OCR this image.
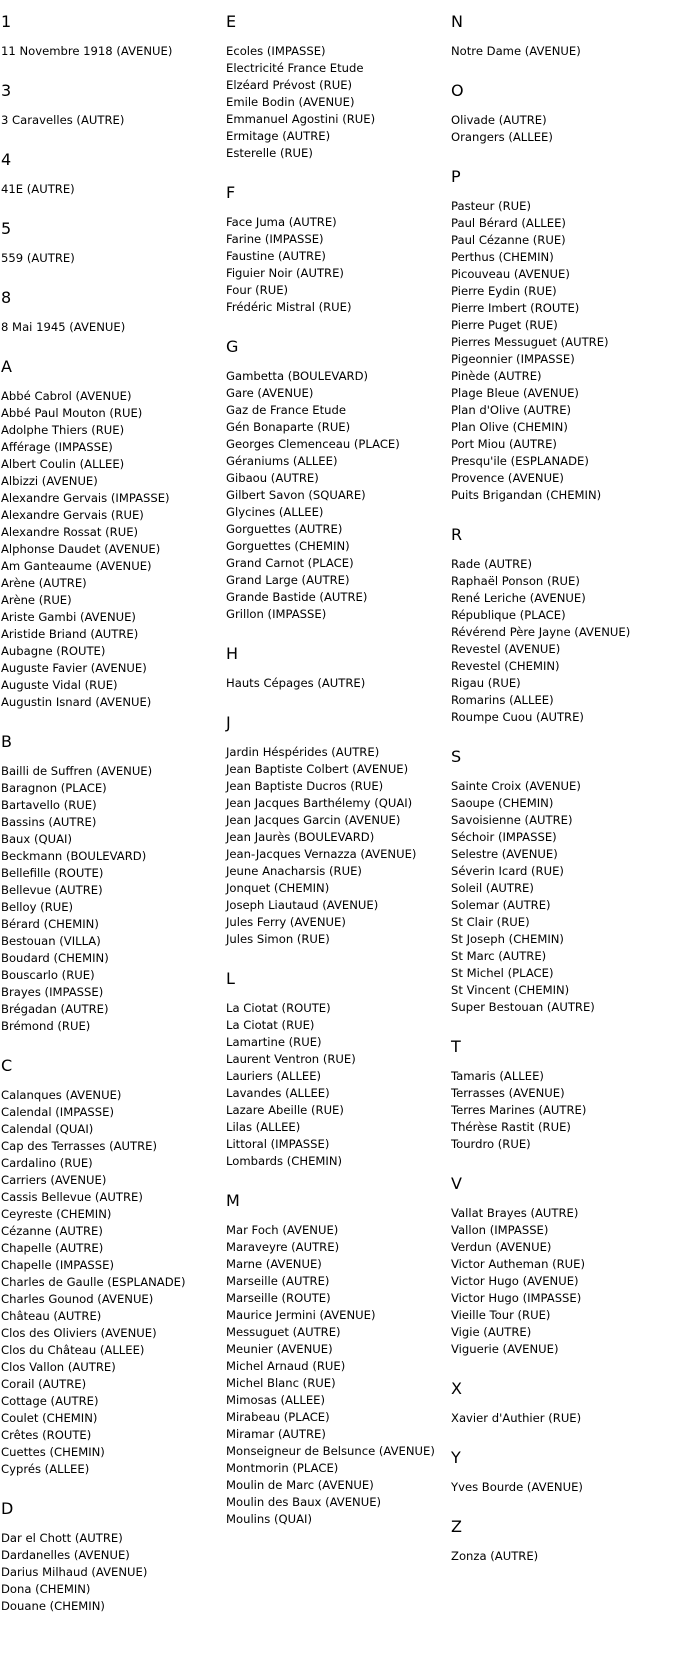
1
11 Novembre 1918 (AVENUE)
3
3 Caravelles (AUTRE)
4
41E (AUTRE)
5
559 (AUTRE)
8
8 Mai 1945 (AVENUE)
A
Abbé Cabrol (AVENUE)
Abbé Paul Mouton (RUE)
Adolphe Thiers (RUE)
Afférage (IMPASSE)
Albert Coulin (ALLEE)
Albizzi (AVENUE)
Alexandre Gervais (IMPASSE)
Alexandre Gervais (RUE)
Alexandre Rossat (RUE)
Alphonse Daudet (AVENUE)
Am Ganteaume (AVENUE)
Arène (AUTRE)
Arène (RUE)
Ariste Gambi (AVENUE)
Aristide Briand (AUTRE)
Aubagne (ROUTE)
Auguste Favier (AVENUE)
Auguste Vidal (RUE)
Augustin Isnard (AVENUE)
B
Bailli de Suffren (AVENUE)
Baragnon (PLACE)
Bartavello (RUE)
Bassins (AUTRE)
Baux (QUAI)
Beckmann (BOULEVARD)
Bellefille (ROUTE)
Bellevue (AUTRE)
Belloy (RUE)
Bérard (CHEMIN)
Bestouan (VILLA)
Boudard (CHEMIN)
Bouscarlo (RUE)
Brayes (IMPASSE)
Brégadan (AUTRE)
Brémond (RUE)
C
Calanques (AVENUE)
Calendal (IMPASSE)
Calendal (QUAI)
Cap des Terrasses (AUTRE)
Cardalino (RUE)
Carriers (AVENUE)
Cassis Bellevue (AUTRE)
Ceyreste (CHEMIN)
Cézanne (AUTRE)
Chapelle (AUTRE)
Chapelle (IMPASSE)
Charles de Gaulle (ESPLANADE)
Charles Gounod (AVENUE)
Château (AUTRE)
Clos des Oliviers (AVENUE)
Clos du Château (ALLEE)
Clos Vallon (AUTRE)
Corail (AUTRE)
Cottage (AUTRE)
Coulet (CHEMIN)
Crêtes (ROUTE)
Cuettes (CHEMIN)
Cyprés (ALLEE)
D
Dar el Chott (AUTRE)
Dardanelles (AVENUE)
Darius Milhaud (AVENUE)
Dona (CHEMIN)
Douane (CHEMIN)
E
Ecoles (IMPASSE)
Electricité France Etude
Elzéard Prévost (RUE)
Emile Bodin (AVENUE)
Emmanuel Agostini (RUE)
Ermitage (AUTRE)
Esterelle (RUE)
F
Face Juma (AUTRE)
Farine (IMPASSE)
Faustine (AUTRE)
Figuier Noir (AUTRE)
Four (RUE)
Frédéric Mistral (RUE)
G
Gambetta (BOULEVARD)
Gare (AVENUE)
Gaz de France Etude
Gén Bonaparte (RUE)
Georges Clemenceau (PLACE)
Géraniums (ALLEE)
Gibaou (AUTRE)
Gilbert Savon (SQUARE)
Glycines (ALLEE)
Gorguettes (AUTRE)
Gorguettes (CHEMIN)
Grand Carnot (PLACE)
Grand Large (AUTRE)
Grande Bastide (AUTRE)
Grillon (IMPASSE)
H
Hauts Cépages (AUTRE)
J
Jardin Héspérides (AUTRE)
Jean Baptiste Colbert (AVENUE)
Jean Baptiste Ducros (RUE)
Jean Jacques Barthélemy (QUAI)
Jean Jacques Garcin (AVENUE)
Jean Jaurès (BOULEVARD)
Jean-Jacques Vernazza (AVENUE)
Jeune Anacharsis (RUE)
Jonquet (CHEMIN)
Joseph Liautaud (AVENUE)
Jules Ferry (AVENUE)
Jules Simon (RUE)
L
La Ciotat (ROUTE)
La Ciotat (RUE)
Lamartine (RUE)
Laurent Ventron (RUE)
Lauriers (ALLEE)
Lavandes (ALLEE)
Lazare Abeille (RUE)
Lilas (ALLEE)
Littoral (IMPASSE)
Lombards (CHEMIN)
M
Mar Foch (AVENUE)
Maraveyre (AUTRE)
Marne (AVENUE)
Marseille (AUTRE)
Marseille (ROUTE)
Maurice Jermini (AVENUE)
Messuguet (AUTRE)
Meunier (AVENUE)
Michel Arnaud (RUE)
Michel Blanc (RUE)
Mimosas (ALLEE)
Mirabeau (PLACE)
Miramar (AUTRE)
Monseigneur de Belsunce (AVENUE)
Montmorin (PLACE)
Moulin de Marc (AVENUE)
Moulin des Baux (AVENUE)
Moulins (QUAI)
N
Notre Dame (AVENUE)
O
Olivade (AUTRE)
Orangers (ALLEE)
P
Pasteur (RUE)
Paul Bérard (ALLEE)
Paul Cézanne (RUE)
Perthus (CHEMIN)
Picouveau (AVENUE)
Pierre Eydin (RUE)
Pierre Imbert (ROUTE)
Pierre Puget (RUE)
Pierres Messuguet (AUTRE)
Pigeonnier (IMPASSE)
Pinède (AUTRE)
Plage Bleue (AVENUE)
Plan d'Olive (AUTRE)
Plan Olive (CHEMIN)
Port Miou (AUTRE)
Presqu'ile (ESPLANADE)
Provence (AVENUE)
Puits Brigandan (CHEMIN)
R
Rade (AUTRE)
Raphaël Ponson (RUE)
René Leriche (AVENUE)
République (PLACE)
Révérend Père Jayne (AVENUE)
Revestel (AVENUE)
Revestel (CHEMIN)
Rigau (RUE)
Romarins (ALLEE)
Roumpe Cuou (AUTRE)
S
Sainte Croix (AVENUE)
Saoupe (CHEMIN)
Savoisienne (AUTRE)
Séchoir (IMPASSE)
Selestre (AVENUE)
Séverin Icard (RUE)
Soleil (AUTRE)
Solemar (AUTRE)
St Clair (RUE)
St Joseph (CHEMIN)
St Marc (AUTRE)
St Michel (PLACE)
St Vincent (CHEMIN)
Super Bestouan (AUTRE)
T
Tamaris (ALLEE)
Terrasses (AVENUE)
Terres Marines (AUTRE)
Thérèse Rastit (RUE)
Tourdro (RUE)
V
Vallat Brayes (AUTRE)
Vallon (IMPASSE)
Verdun (AVENUE)
Victor Autheman (RUE)
Victor Hugo (AVENUE)
Victor Hugo (IMPASSE)
Vieille Tour (RUE)
Vigie (AUTRE)
Viguerie (AVENUE)
X
Xavier d'Authier (RUE)
Y
Yves Bourde (AVENUE)
Z
Zonza (AUTRE)
